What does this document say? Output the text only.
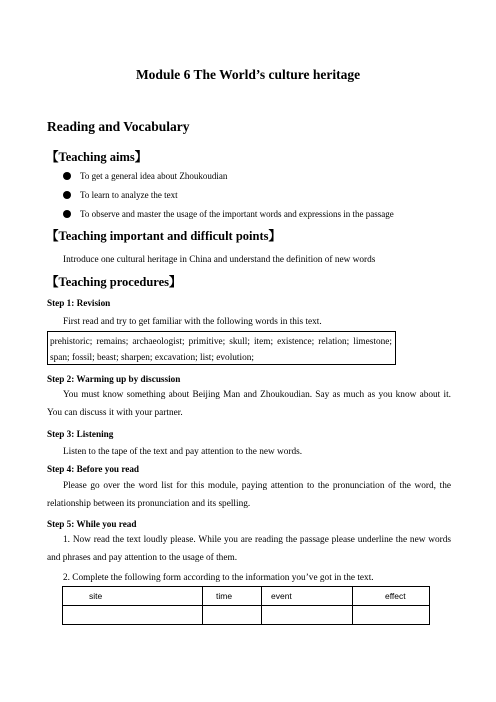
Module 6 The World’s culture heritage
Reading and Vocabulary
【Teaching aims】
To get a general idea about Zhoukoudian
To learn to analyze the text
To observe and master the usage of the important words and expressions in the passage
【Teaching important and difficult points】
Introduce one cultural heritage in China and understand the definition of new words
【Teaching procedures】
Step 1: Revision
First read and try to get familiar with the following words in this text.
prehistoric; remains; archaeologist; primitive; skull; item; existence; relation; limestone; span; fossil; beast; sharpen; excavation; list; evolution;
Step 2: Warming up by discussion
You must know something about Beijing Man and Zhoukoudian. Say as much as you know about it. You can discuss it with your partner.
Step 3: Listening
Listen to the tape of the text and pay attention to the new words.
Step 4: Before you read
Please go over the word list for this module, paying attention to the pronunciation of the word, the relationship between its pronunciation and its spelling.
Step 5: While you read
1. Now read the text loudly please. While you are reading the passage please underline the new words and phrases and pay attention to the usage of them.
2. Complete the following form according to the information you’ve got in the text.
site	time	event	effect
